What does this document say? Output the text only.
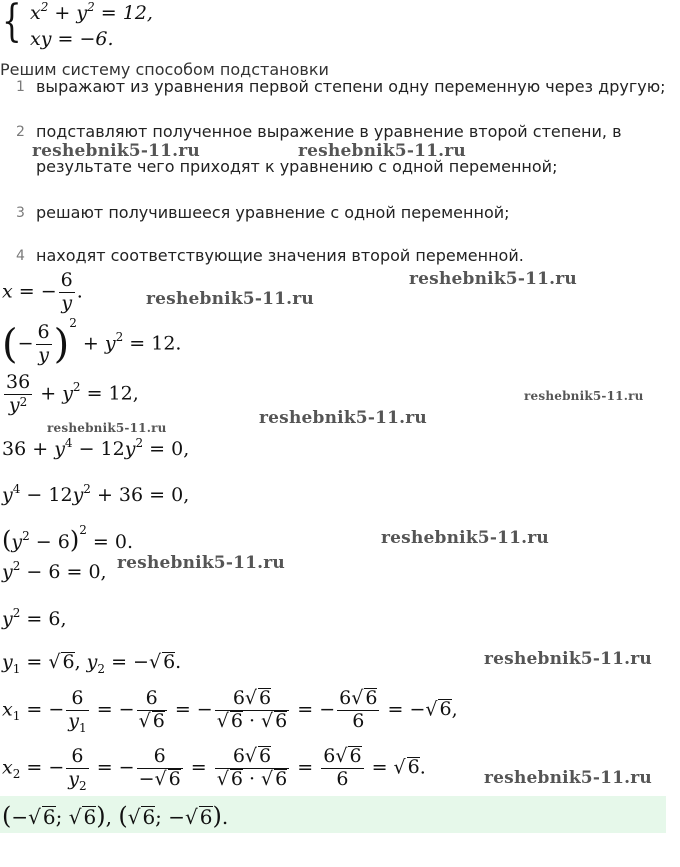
{ $x^2 + y^2 = 12$,
xy = −6.
Решим систему способом подстановки
1 выражают из уравнения первой степени одну переменную через другую;
2 подставляют полученное выражение в уравнение второй степени, в
результате чего приходят к уравнению с одной переменной;
3 решают получившееся уравнение с одной переменной;
4 находят соответствующие значения второй переменной.
x = − $\frac{6}{y}$ .
(− $\frac{6}{y} )^2 + y^2 = 12$.
$\frac{36}{y^2} + y^2 = 12$,
$36 + y^4 - 12y^2 = 0$,
$y^4 - 12y^2 + 36 = 0$,
$(y^2 - 6)^2 = 0$.
$y^2 - 6 = 0$,
$y^2 = 6$,
$y_1$ = √ 6, $y_2$ = −√ 6.
$x_1$ = − $\frac{6}{y_1}$ = − $\frac{6}{√ 6}$ = − $\frac{6√ 6}{√ 6 \cdot √ 6}$ = − $\frac{6√ 6}{6}$ = −√ 6,
$x_2$ = − $\frac{6}{y_2}$ = − $\frac{6}{-√ 6} = \frac{6√ 6}{√ 6 \cdot √ 6} = \frac{6√ 6}{6}$ = √ 6.
(−√ 6; √ 6), (√ 6; −√ 6).
reshebnik5-11.ru	reshebnik5-11.ru
reshebnik5-11.ru
reshebnik5-11.ru
reshebnik5-11.ru
reshebnik5-11.ru
reshebnik5-11.ru
reshebnik5-11.ru
reshebnik5-11.ru
reshebnik5-11.ru
reshebnik5-11.ru
